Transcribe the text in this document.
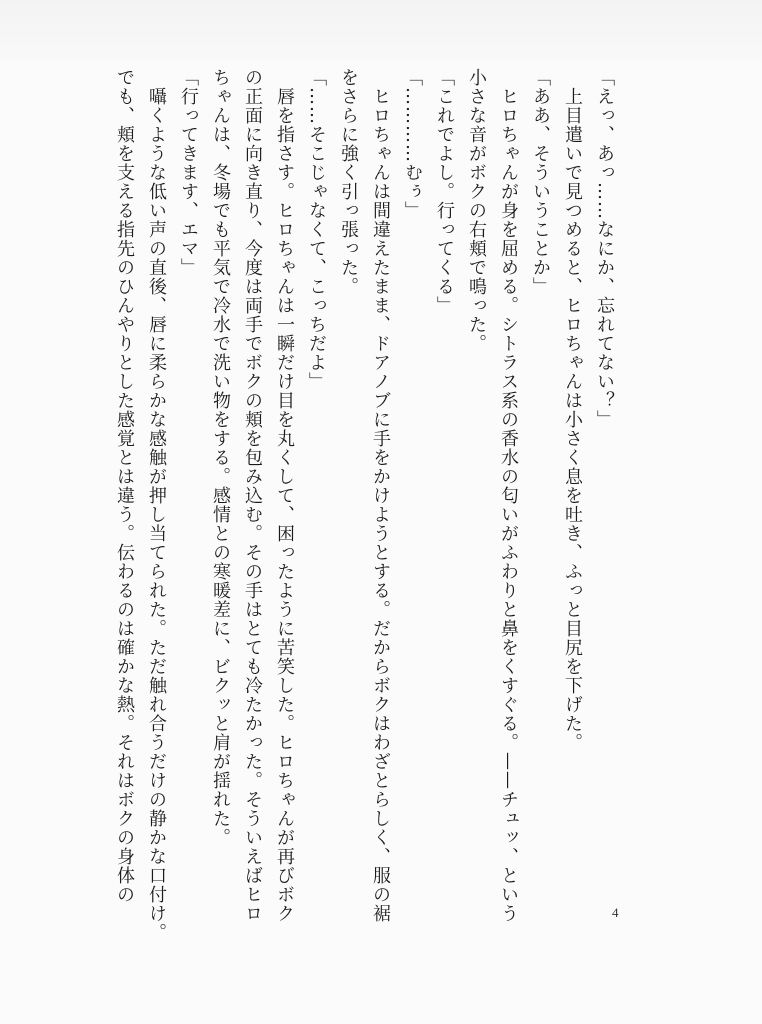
「えっ、あっ……なにか、忘れてない？」
　上目遣いで見つめると、ヒロちゃんは小さく息を吐き、ふっと目尻を下げた。
「ああ、そういうことか」
　ヒロちゃんが身を屈める。シトラス系の香水の匂いがふわりと鼻をくすぐる。——チュッ、という
小さな音がボクの右頬で鳴った。
「これでよし。行ってくる」
「…………むぅ」
　ヒロちゃんは間違えたまま、ドアノブに手をかけようとする。だからボクはわざとらしく、服の裾
をさらに強く引っ張った。
「……そこじゃなくて、こっちだよ」
　唇を指さす。ヒロちゃんは一瞬だけ目を丸くして、困ったように苦笑した。ヒロちゃんが再びボク
の正面に向き直り、今度は両手でボクの頬を包み込む。その手はとても冷たかった。そういえばヒロ
ちゃんは、冬場でも平気で冷水で洗い物をする。感情との寒暖差に、ビクッと肩が揺れた。
「行ってきます、エマ」
　囁くような低い声の直後、唇に柔らかな感触が押し当てられた。ただ触れ合うだけの静かな口付け。
でも、頬を支える指先のひんやりとした感覚とは違う。伝わるのは確かな熱。それはボクの身体の
4
